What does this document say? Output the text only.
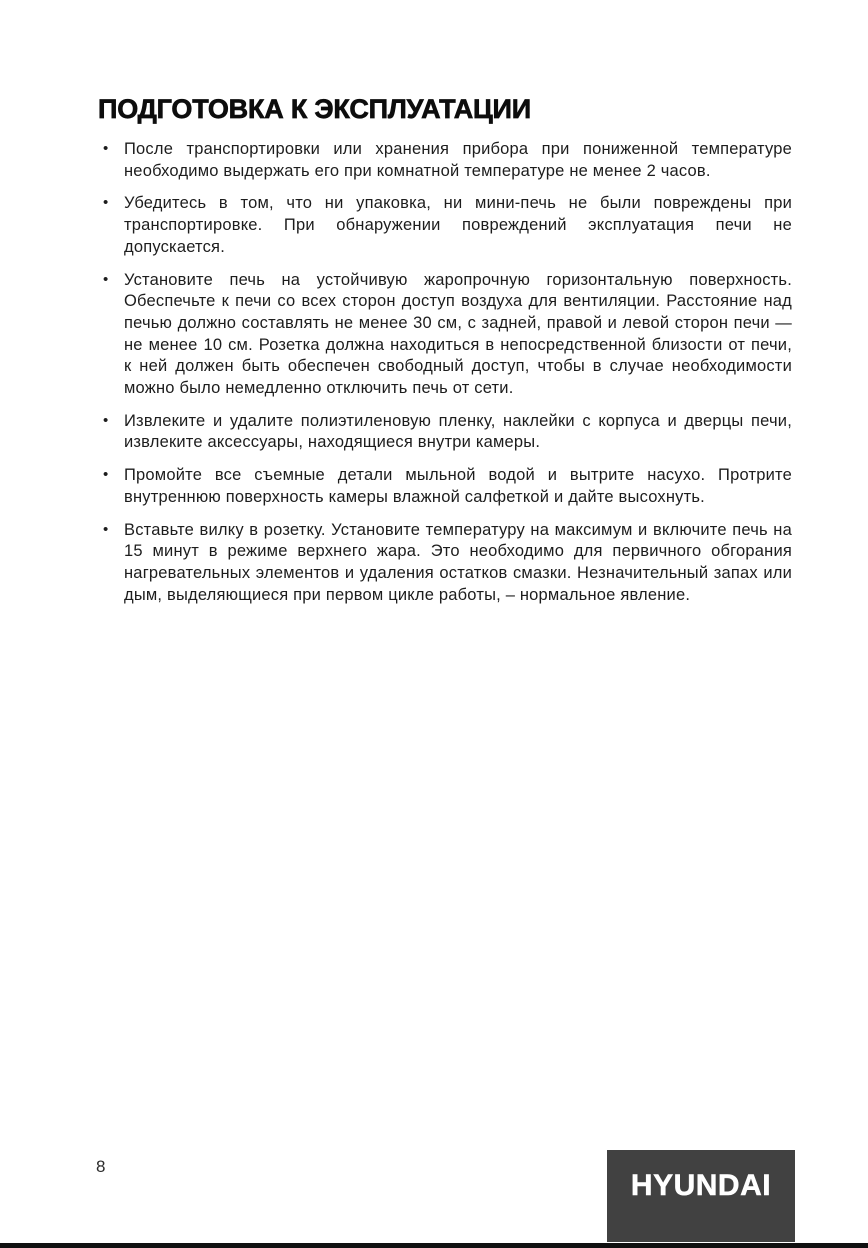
ПОДГОТОВКА К ЭКСПЛУАТАЦИИ
• После транспортировки или хранения прибора при пониженной температуре необходимо выдержать его при комнатной температуре не менее 2 часов.
• Убедитесь в том, что ни упаковка, ни мини-печь не были повреждены при транспортировке. При обнаружении повреждений эксплуатация печи не допускается.
• Установите печь на устойчивую жаропрочную горизонтальную поверхность. Обеспечьте к печи со всех сторон доступ воздуха для вентиляции. Расстояние над печью должно составлять не менее 30 см, с задней, правой и левой сторон печи — не менее 10 см. Розетка должна находиться в непосредственной близости от печи, к ней должен быть обеспечен свободный доступ, чтобы в случае необходимости можно было немедленно отключить печь от сети.
• Извлеките и удалите полиэтиленовую пленку, наклейки с корпуса и дверцы печи, извлеките аксессуары, находящиеся внутри камеры.
• Промойте все съемные детали мыльной водой и вытрите насухо. Протрите внутреннюю поверхность камеры влажной салфеткой и дайте высохнуть.
• Вставьте вилку в розетку. Установите температуру на максимум и включите печь на 15 минут в режиме верхнего жара. Это необходимо для первичного обгорания нагревательных элементов и удаления остатков смазки. Незначительный запах или дым, выделяющиеся при первом цикле работы, – нормальное явление.
8
HYUNDAI
